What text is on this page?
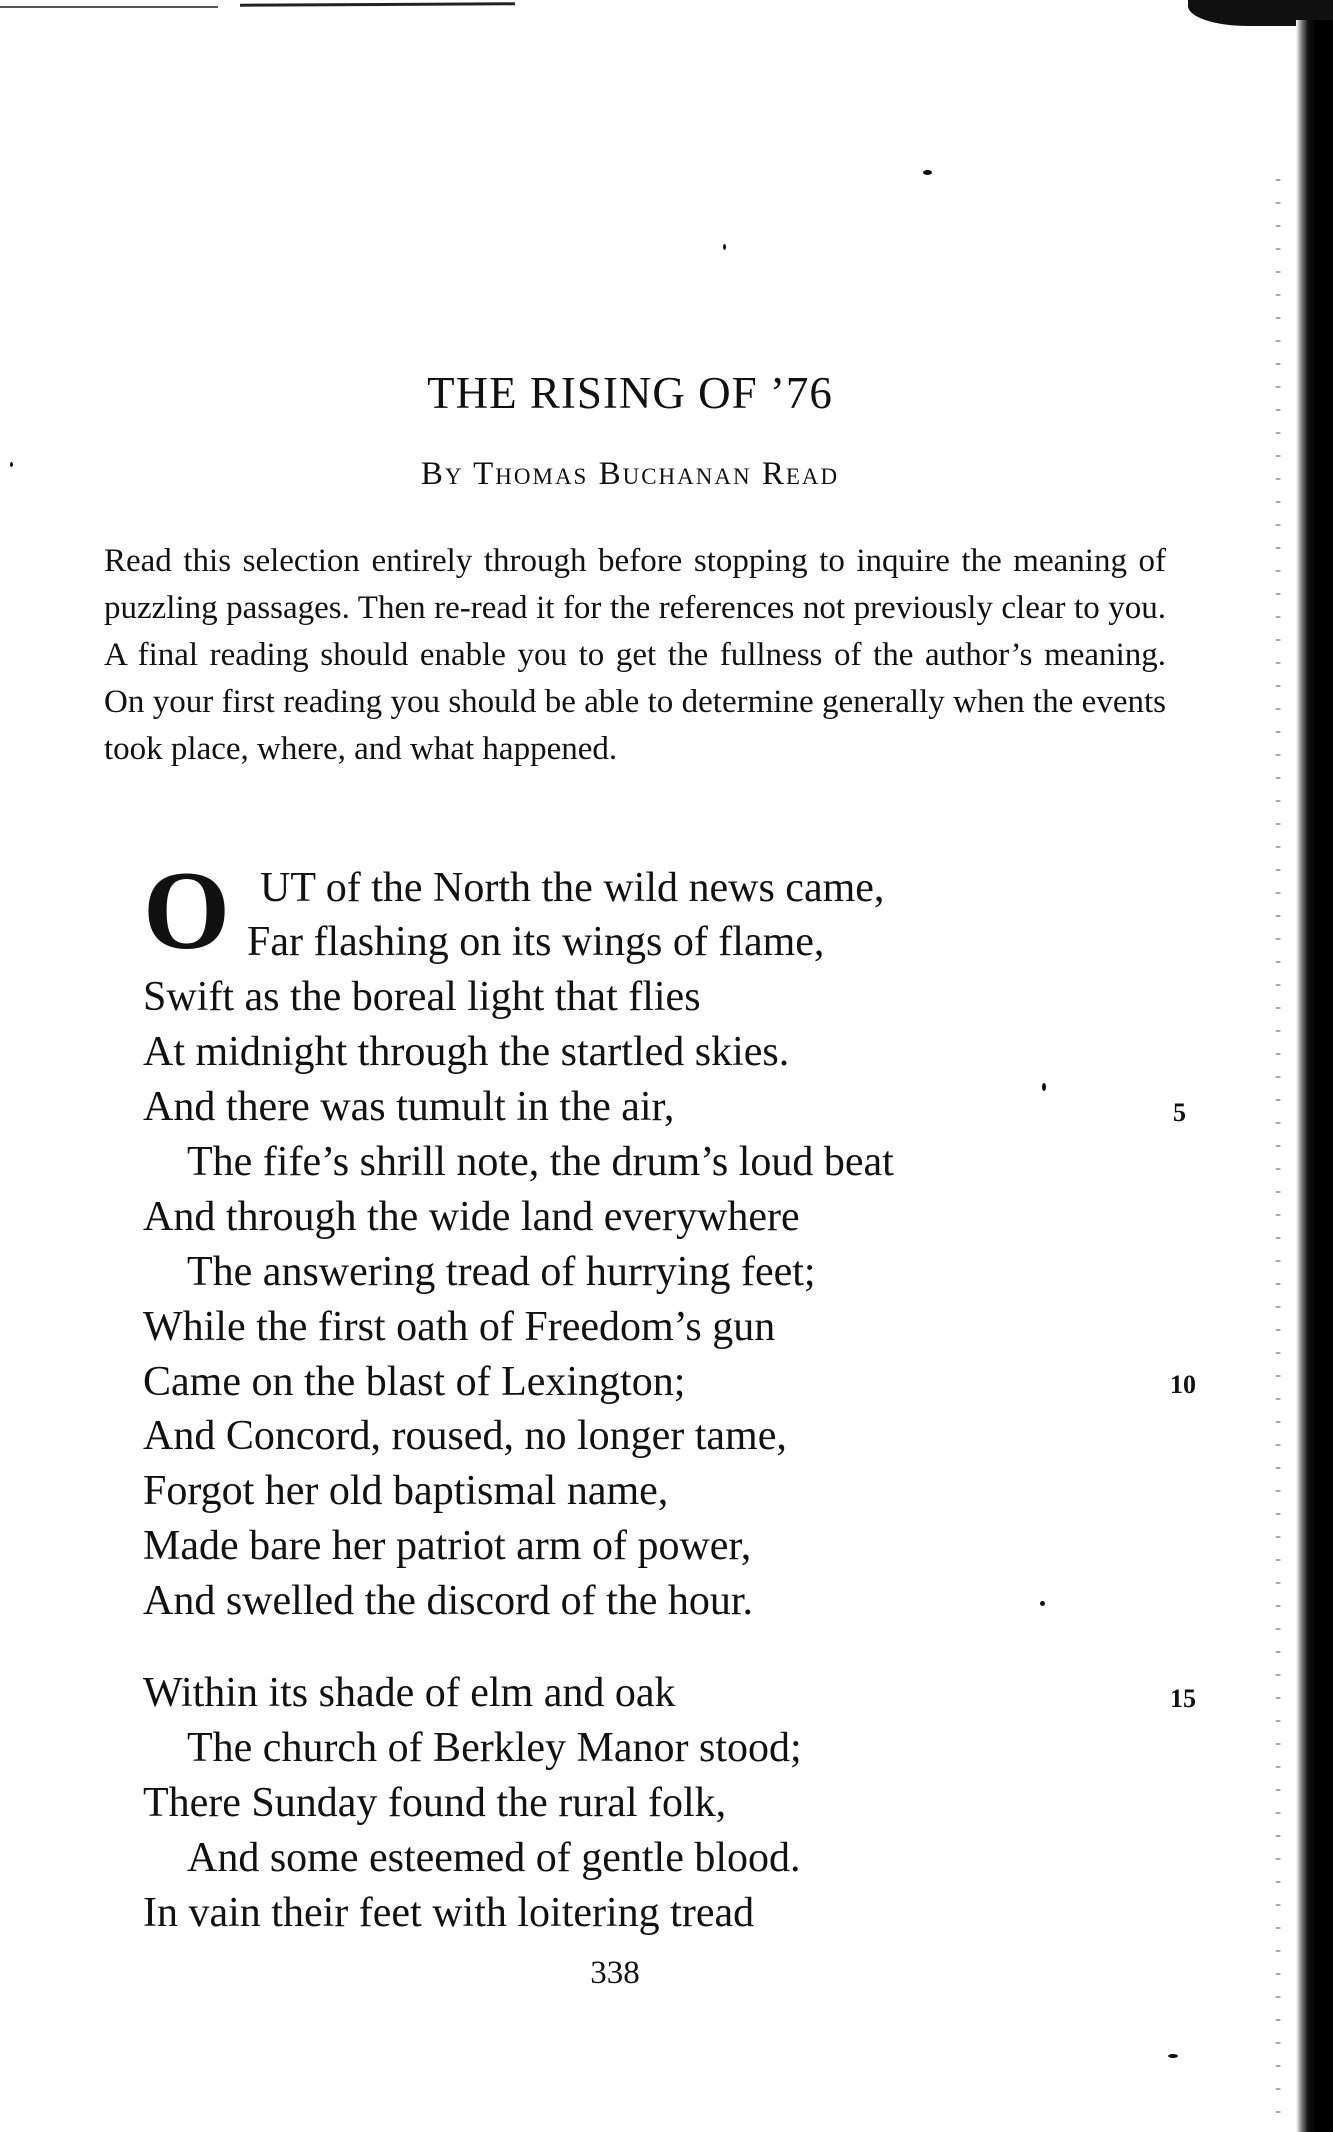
THE RISING OF ’76
By Thomas Buchanan Read
Read this selection entirely through before stopping to inquire the meaning of puzzling passages. Then re-read it for the references not previously clear to you. A final reading should enable you to get the fullness of the author’s meaning. On your first reading you should be able to determine generally when the events took place, where, and what happened.
O UT of the North the wild news came,
Far flashing on its wings of flame,
Swift as the boreal light that flies
At midnight through the startled skies.
And there was tumult in the air,
The fife’s shrill note, the drum’s loud beat
And through the wide land everywhere
The answering tread of hurrying feet;
While the first oath of Freedom’s gun
Came on the blast of Lexington;
And Concord, roused, no longer tame,
Forgot her old baptismal name,
Made bare her patriot arm of power,
And swelled the discord of the hour.
Within its shade of elm and oak
The church of Berkley Manor stood;
There Sunday found the rural folk,
And some esteemed of gentle blood.
In vain their feet with loitering tread
5
10
15
338
